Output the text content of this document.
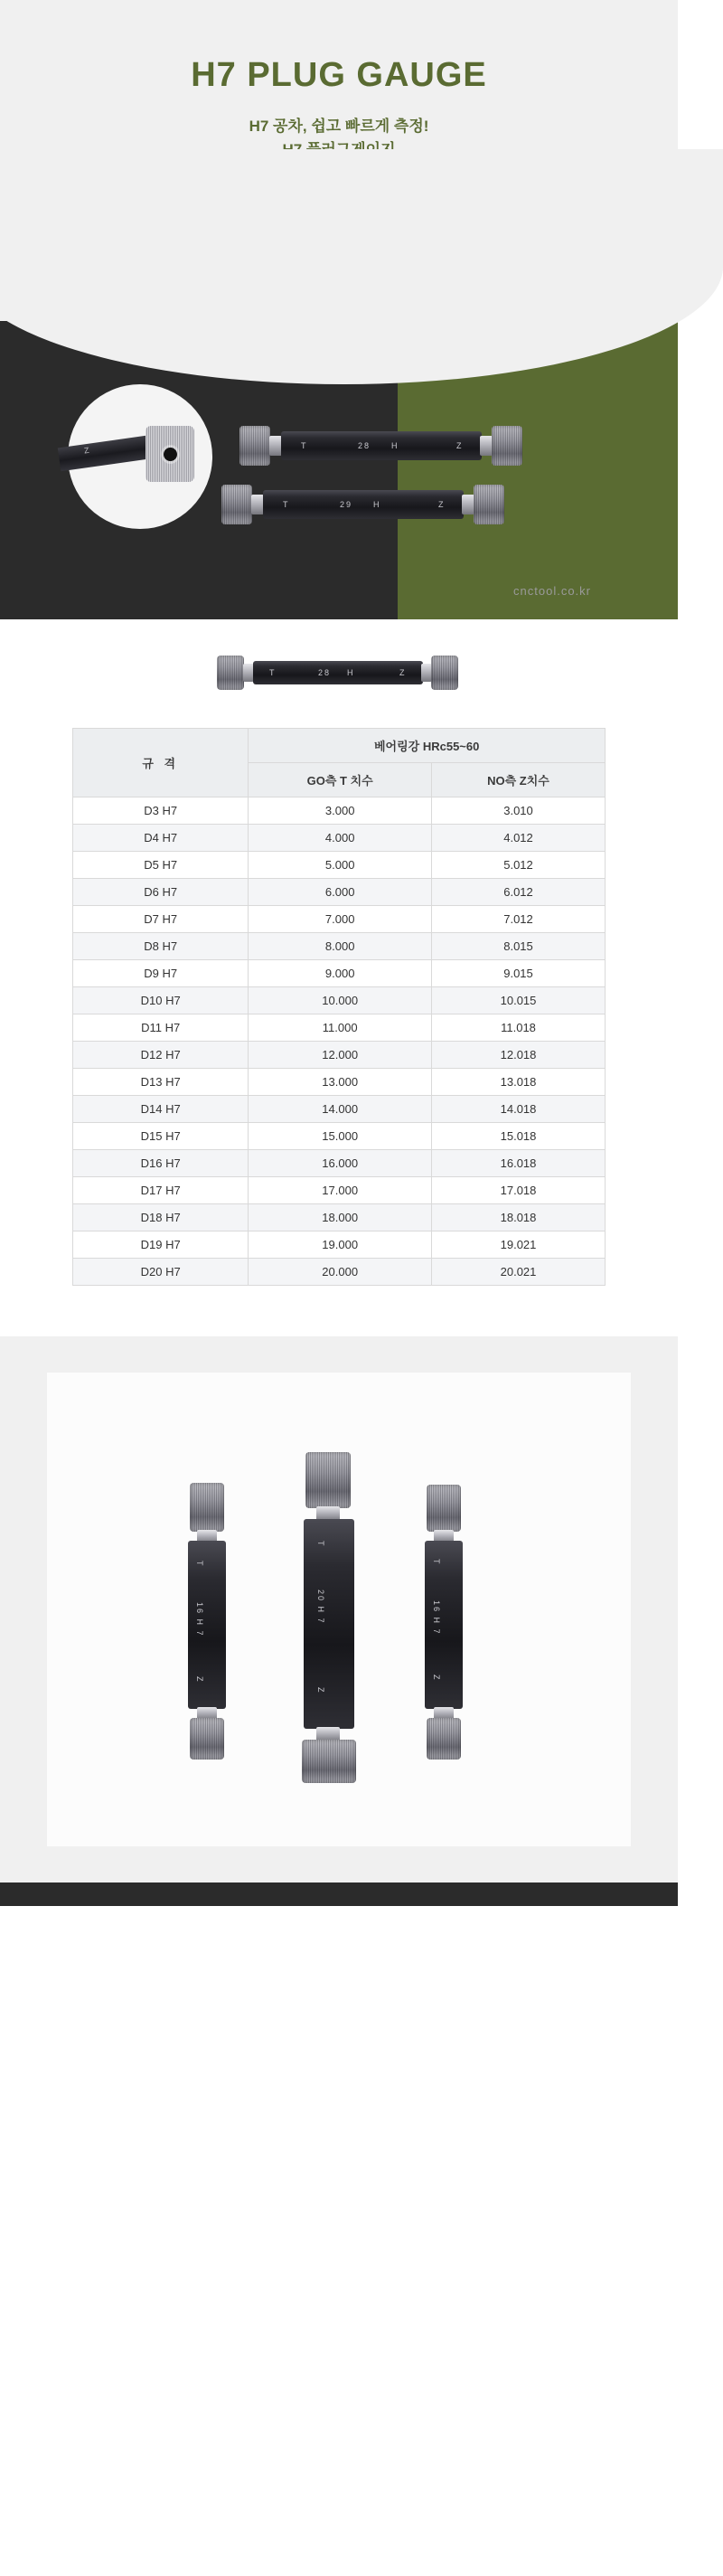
H7 PLUG GAUGE
H7 공차, 쉽고 빠르게 측정!
Z	T	28	H	Z
T	29	H	Z
cnctool.co.kr
T	28 H	Z
규 격	베어링강 HRc55~60	
	GO측 T 치수	NO측 Z치수
D3 H7	3.000	3.010
D4 H7	4.000	4.012
D5 H7	5.000	5.012
D6 H7	6.000	6.012
D7 H7	7.000	7.012
D8 H7	8.000	8.015
D9 H7	9.000	9.015
D10 H7	10.000	10.015
D11 H7	11.000	11.018
D12 H7	12.000	12.018
D13 H7	13.000	13.018
D14 H7	14.000	14.018
D15 H7	15.000	15.018
D16 H7	16.000	16.018
D17 H7	17.000	17.018
D18 H7	18.000	18.018
D19 H7	19.000	19.021
D20 H7	20.000	20.021
T
16 H 7
Z
T
20 H 7
Z
T
16 H 7
Z
